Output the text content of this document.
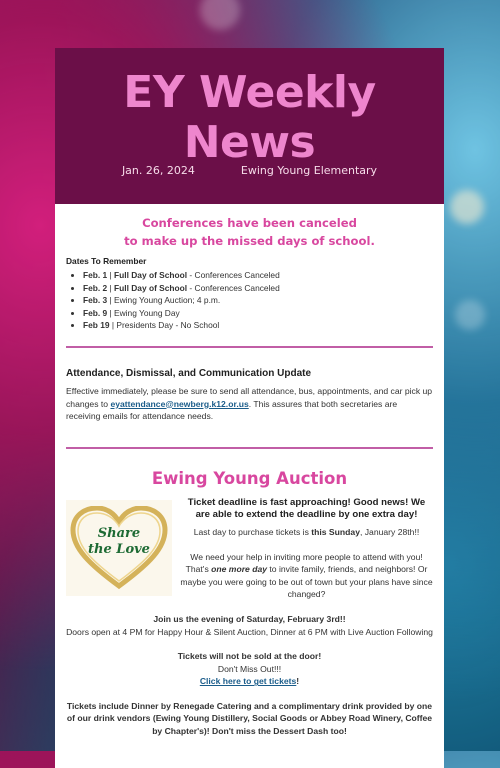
EY Weekly News
Jan. 26, 2024	Ewing Young Elementary
Conferences have been canceled
to make up the missed days of school.
Dates To Remember
• Feb. 1 | Full Day of School - Conferences Canceled
• Feb. 2 | Full Day of School - Conferences Canceled
• Feb. 3 | Ewing Young Auction; 4 p.m.
• Feb. 9 | Ewing Young Day
• Feb 19 | Presidents Day - No School
Attendance, Dismissal, and Communication Update
Effective immediately, please be sure to send all attendance, bus, appointments, and car pick up changes to eyattendance@newberg.k12.or.us. This assures that both secretaries are receiving emails for attendance needs.
Ewing Young Auction
Share
the Love
Ticket deadline is fast approaching! Good news! We are able to extend the deadline by one extra day!
Last day to purchase tickets is this Sunday, January 28th!!
We need your help in inviting more people to attend with you! That's one more day to invite family, friends, and neighbors! Or maybe you were going to be out of town but your plans have since changed?
Join us the evening of Saturday, February 3rd!!
Doors open at 4 PM for Happy Hour & Silent Auction, Dinner at 6 PM with Live Auction Following
Tickets will not be sold at the door!
Don't Miss Out!!!
Click here to get tickets!
Tickets include Dinner by Renegade Catering and a complimentary drink provided by one of our drink vendors (Ewing Young Distillery, Social Goods or Abbey Road Winery, Coffee by Chapter's)! Don't miss the Dessert Dash too!
